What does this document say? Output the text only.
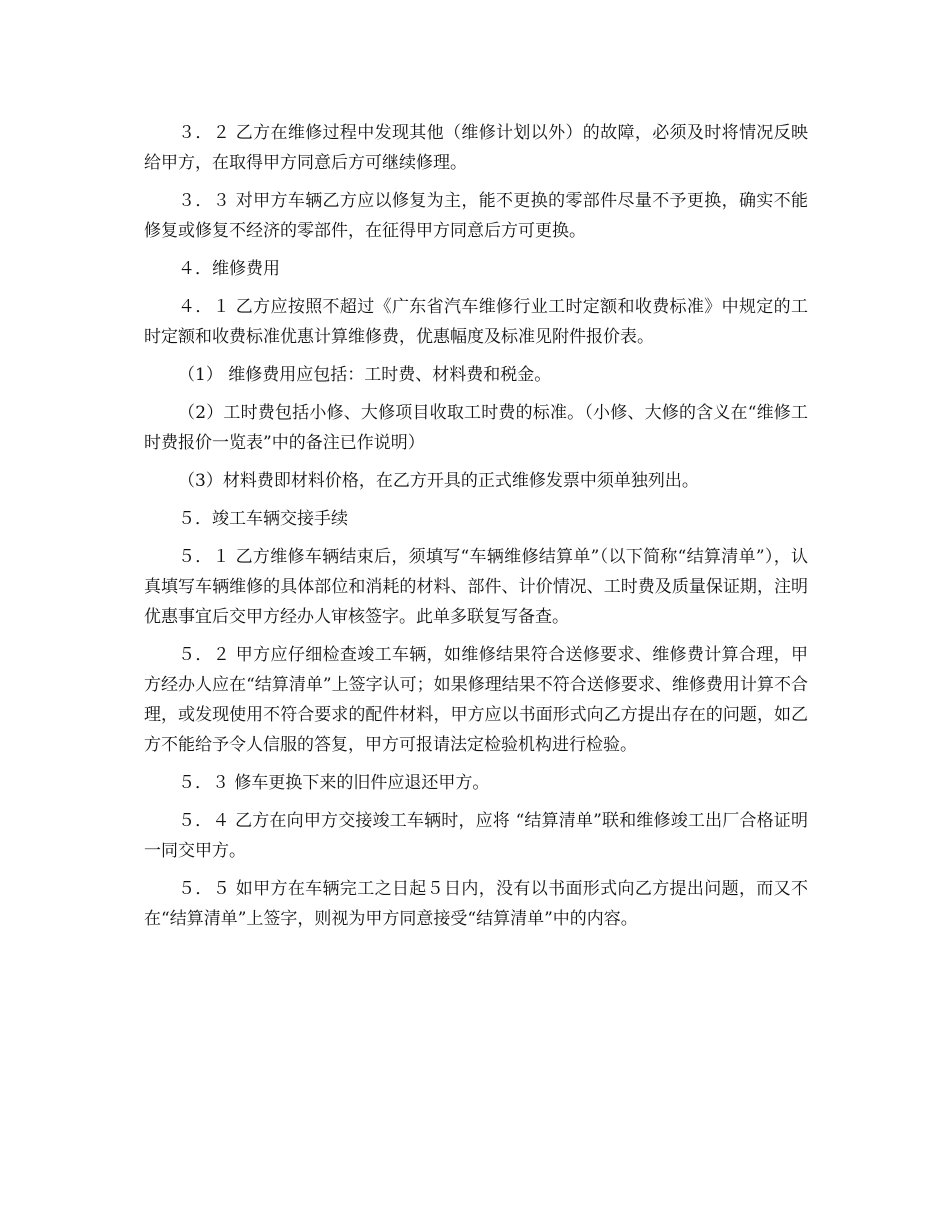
３．２ 乙方在维修过程中发现其他（维修计划以外）的故障，必须及时将情况反映给甲方，在取得甲方同意后方可继续修理。

３．３ 对甲方车辆乙方应以修复为主，能不更换的零部件尽量不予更换，确实不能修复或修复不经济的零部件，在征得甲方同意后方可更换。

４．维修费用

４．１ 乙方应按照不超过《广东省汽车维修行业工时定额和收费标准》中规定的工时定额和收费标准优惠计算维修费，优惠幅度及标准见附件报价表。

（1） 维修费用应包括：工时费、材料费和税金。

（2）工时费包括小修、大修项目收取工时费的标准。（小修、大修的含义在“维修工时费报价一览表”中的备注已作说明）

（3）材料费即材料价格，在乙方开具的正式维修发票中须单独列出。

５．竣工车辆交接手续

５．１ 乙方维修车辆结束后，须填写“车辆维修结算单”（以下简称“结算清单”），认真填写车辆维修的具体部位和消耗的材料、部件、计价情况、工时费及质量保证期，注明优惠事宜后交甲方经办人审核签字。此单多联复写备查。

５．２ 甲方应仔细检查竣工车辆，如维修结果符合送修要求、维修费计算合理，甲方经办人应在“结算清单”上签字认可；如果修理结果不符合送修要求、维修费用计算不合理，或发现使用不符合要求的配件材料，甲方应以书面形式向乙方提出存在的问题，如乙方不能给予令人信服的答复，甲方可报请法定检验机构进行检验。

５．３ 修车更换下来的旧件应退还甲方。

５．４ 乙方在向甲方交接竣工车辆时，应将 “结算清单”联和维修竣工出厂合格证明一同交甲方。

５．５ 如甲方在车辆完工之日起５日内，没有以书面形式向乙方提出问题，而又不在“结算清单”上签字，则视为甲方同意接受“结算清单”中的内容。
